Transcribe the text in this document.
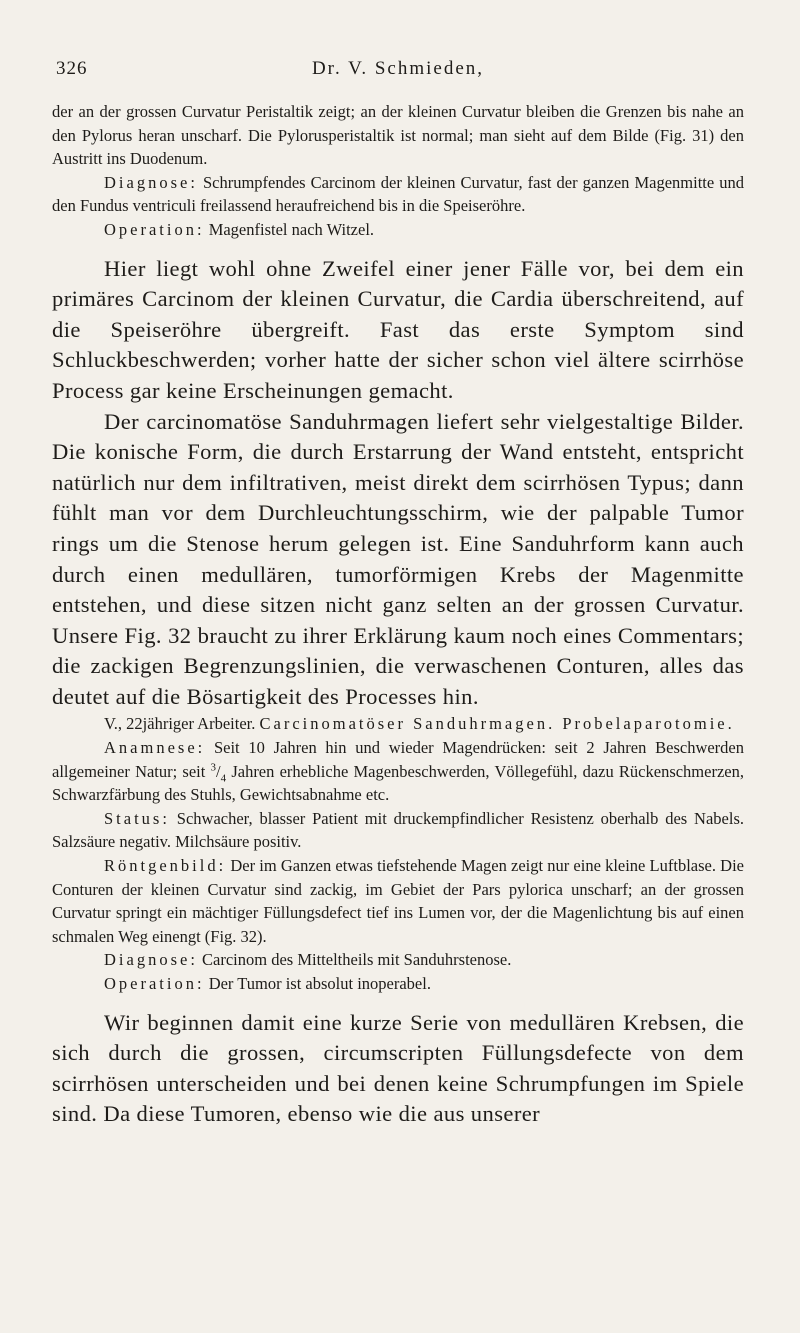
326	Dr. V. Schmieden,

der an der grossen Curvatur Peristaltik zeigt; an der kleinen Curvatur bleiben die Grenzen bis nahe an den Pylorus heran unscharf. Die Pylorusperistaltik ist normal; man sieht auf dem Bilde (Fig. 31) den Austritt ins Duodenum.

Diagnose: Schrumpfendes Carcinom der kleinen Curvatur, fast der ganzen Magenmitte und den Fundus ventriculi freilassend heraufreichend bis in die Speiseröhre.

Operation: Magenfistel nach Witzel.

Hier liegt wohl ohne Zweifel einer jener Fälle vor, bei dem ein primäres Carcinom der kleinen Curvatur, die Cardia überschreitend, auf die Speiseröhre übergreift. Fast das erste Symptom sind Schluckbeschwerden; vorher hatte der sicher schon viel ältere scirrhöse Process gar keine Erscheinungen gemacht.

Der carcinomatöse Sanduhrmagen liefert sehr vielgestaltige Bilder. Die konische Form, die durch Erstarrung der Wand entsteht, entspricht natürlich nur dem infiltrativen, meist direkt dem scirrhösen Typus; dann fühlt man vor dem Durchleuchtungsschirm, wie der palpable Tumor rings um die Stenose herum gelegen ist. Eine Sanduhrform kann auch durch einen medullären, tumorförmigen Krebs der Magenmitte entstehen, und diese sitzen nicht ganz selten an der grossen Curvatur. Unsere Fig. 32 braucht zu ihrer Erklärung kaum noch eines Commentars; die zackigen Begrenzungslinien, die verwaschenen Conturen, alles das deutet auf die Bösartigkeit des Processes hin.

V., 22jähriger Arbeiter. Carcinomatöser Sanduhrmagen. Probelaparotomie.

Anamnese: Seit 10 Jahren hin und wieder Magendrücken: seit 2 Jahren Beschwerden allgemeiner Natur; seit $^3/_4$ Jahren erhebliche Magenbeschwerden, Völlegefühl, dazu Rückenschmerzen, Schwarzfärbung des Stuhls, Gewichtsabnahme etc.

Status: Schwacher, blasser Patient mit druckempfindlicher Resistenz oberhalb des Nabels. Salzsäure negativ. Milchsäure positiv.

Röntgenbild: Der im Ganzen etwas tiefstehende Magen zeigt nur eine kleine Luftblase. Die Conturen der kleinen Curvatur sind zackig, im Gebiet der Pars pylorica unscharf; an der grossen Curvatur springt ein mächtiger Füllungsdefect tief ins Lumen vor, der die Magenlichtung bis auf einen schmalen Weg einengt (Fig. 32).

Diagnose: Carcinom des Mitteltheils mit Sanduhrstenose.

Operation: Der Tumor ist absolut inoperabel.

Wir beginnen damit eine kurze Serie von medullären Krebsen, die sich durch die grossen, circumscripten Füllungsdefecte von dem scirrhösen unterscheiden und bei denen keine Schrumpfungen im Spiele sind. Da diese Tumoren, ebenso wie die aus unserer
